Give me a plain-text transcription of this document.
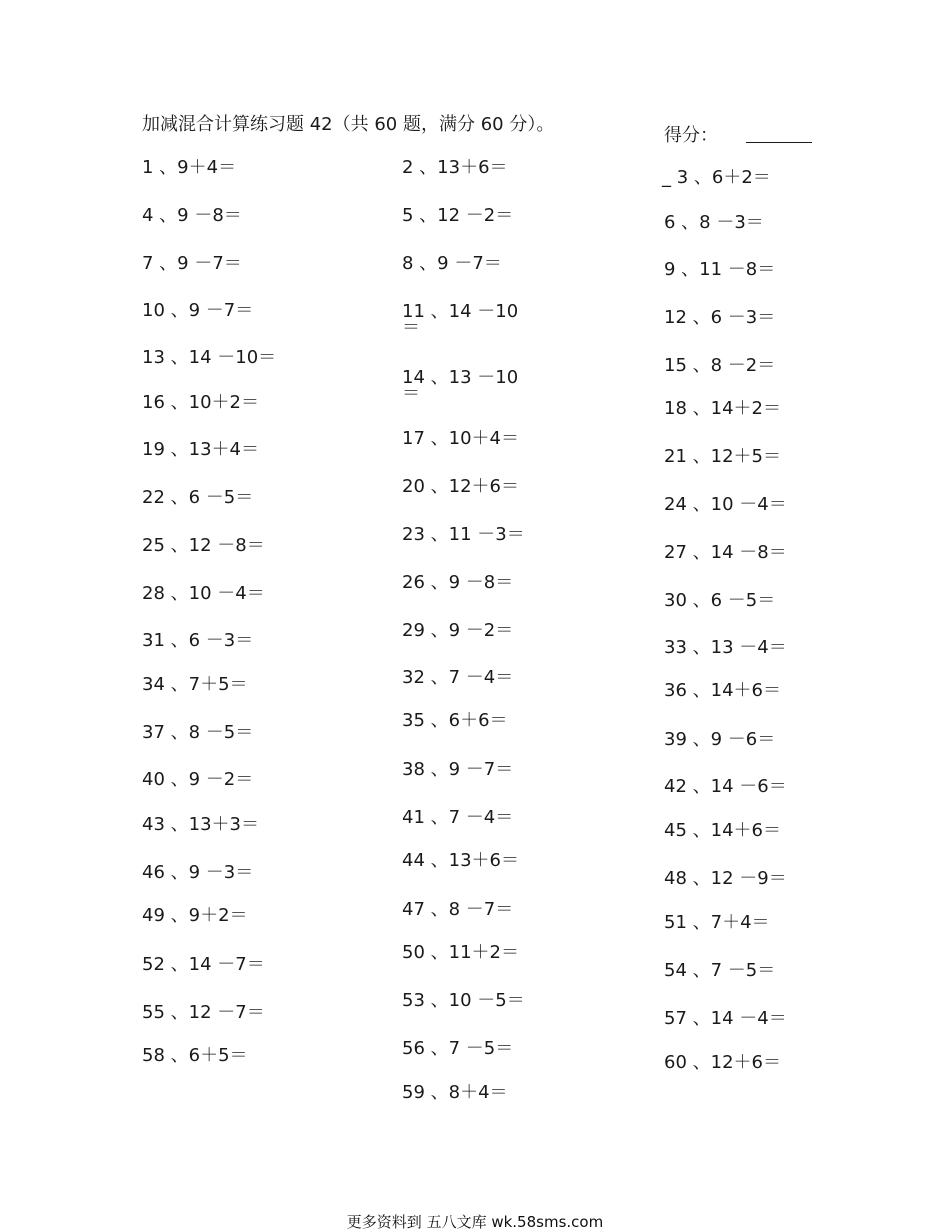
加减混合计算练习题 42（共 60 题，满分 60 分）。
得分：
1 、9＋4＝
4 、9 －8＝
7 、9 －7＝
10 、9 －7＝
13 、14 －10＝
16 、10＋2＝
19 、13＋4＝
22 、6 －5＝
25 、12 －8＝
28 、10 －4＝
31 、6 －3＝
34 、7＋5＝
37 、8 －5＝
40 、9 －2＝
43 、13＋3＝
46 、9 －3＝
49 、9＋2＝
52 、14 －7＝
55 、12 －7＝
58 、6＋5＝
2 、13＋6＝
5 、12 －2＝
8 、9 －7＝
11 、14 －10
＝
14 、13 －10
＝
17 、10＋4＝
20 、12＋6＝
23 、11 －3＝
26 、9 －8＝
29 、9 －2＝
32 、7 －4＝
35 、6＋6＝
38 、9 －7＝
41 、7 －4＝
44 、13＋6＝
47 、8 －7＝
50 、11＋2＝
53 、10 －5＝
56 、7 －5＝
59 、8＋4＝
_ 3 、6＋2＝
6 、8 －3＝
9 、11 －8＝
12 、6 －3＝
15 、8 －2＝
18 、14＋2＝
21 、12＋5＝
24 、10 －4＝
27 、14 －8＝
30 、6 －5＝
33 、13 －4＝
36 、14＋6＝
39 、9 －6＝
42 、14 －6＝
45 、14＋6＝
48 、12 －9＝
51 、7＋4＝
54 、7 －5＝
57 、14 －4＝
60 、12＋6＝
更多资料到 五八文库 wk.58sms.com
